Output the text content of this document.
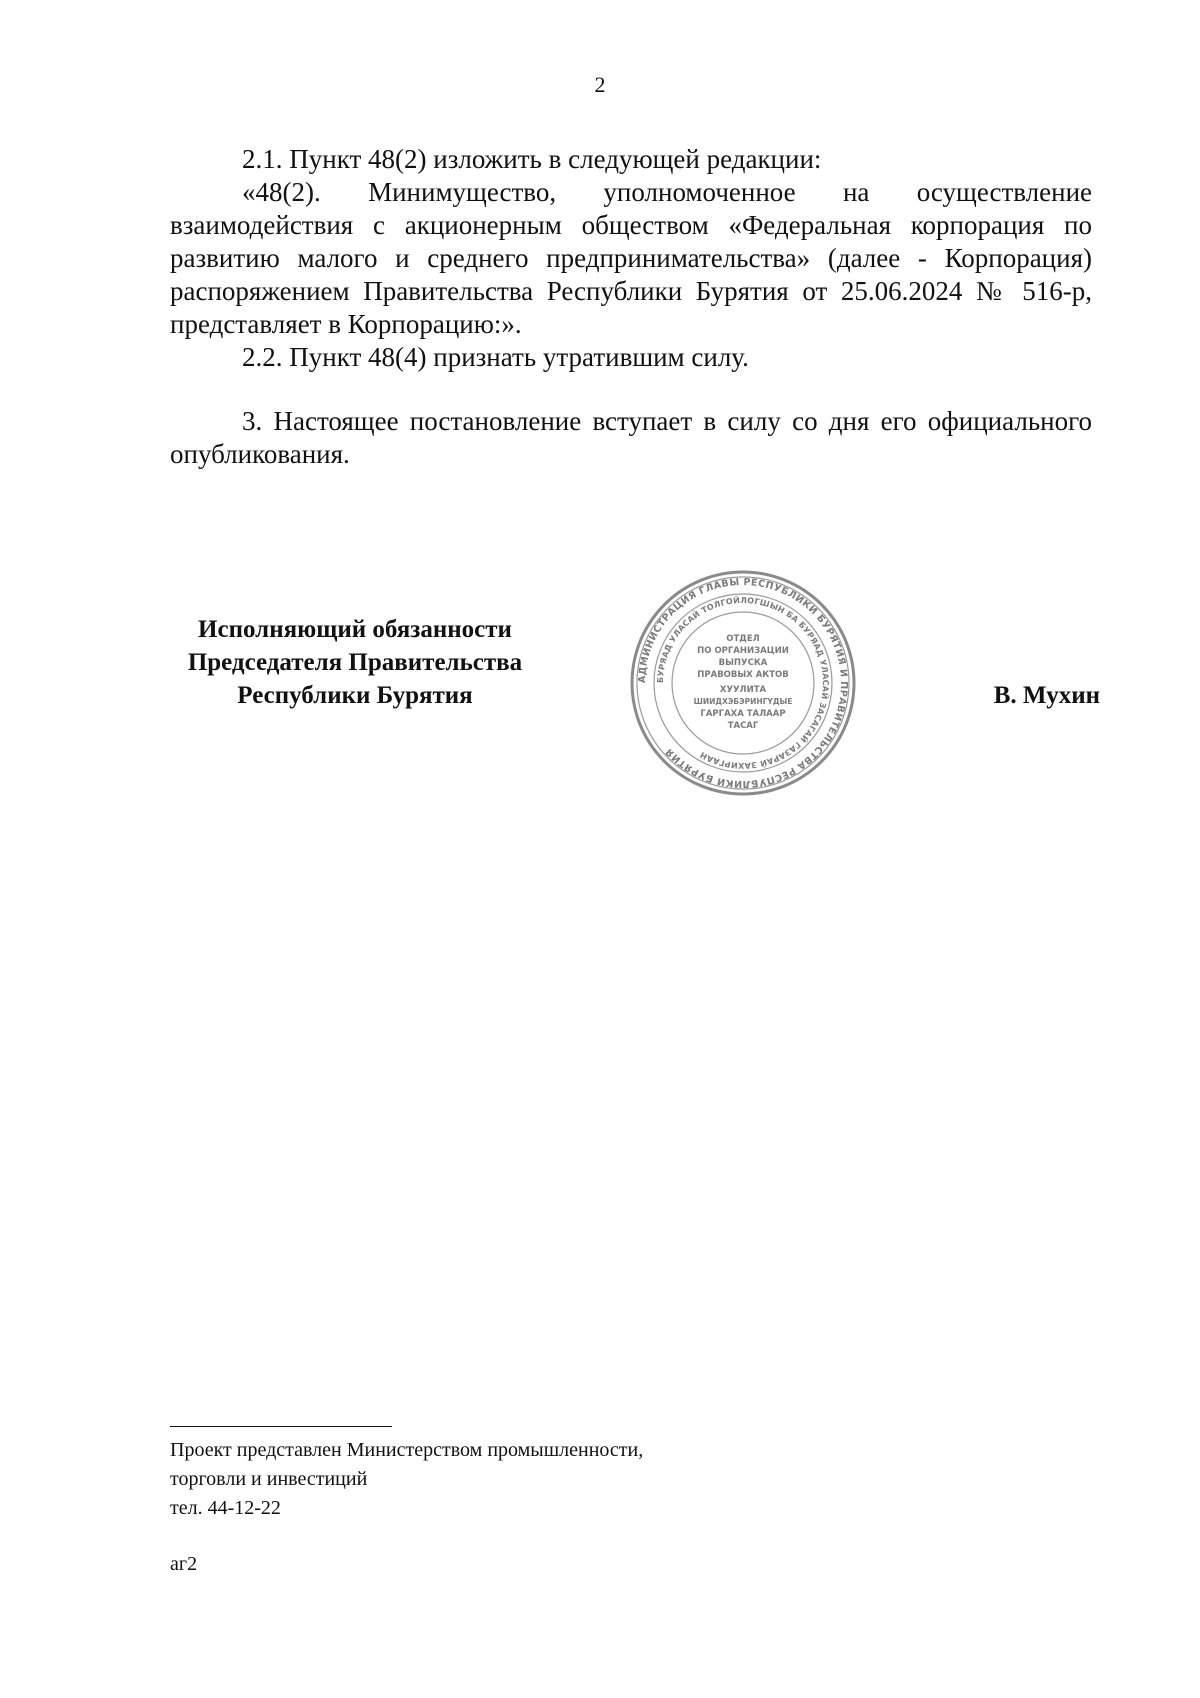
2

2.1. Пункт 48(2) изложить в следующей редакции:

«48(2). Минимущество, уполномоченное на осуществление взаимодействия с акционерным обществом «Федеральная корпорация по развитию малого и среднего предпринимательства» (далее - Корпорация) распоряжением Правительства Республики Бурятия от 25.06.2024 № 516-р, представляет в Корпорацию:».

2.2. Пункт 48(4) признать утратившим силу.

3. Настоящее постановление вступает в силу со дня его официального опубликования.

Исполняющий обязанности
Председателя Правительства
Республики Бурятия
АДМИНИСТРАЦИЯ ГЛАВЫ РЕСПУБЛИКИ БУРЯТИЯ И ПРАВИТЕЛЬСТВА РЕСПУБЛИКИ БУРЯТИЯ
БУРЯАД УЛАСАЙ ТОЛГОЙЛОГШЫН БА БУРЯАД УЛАСАЙ ЗАСАГАЙ ГАЗАРАЙ ЗАХИРГААН
ОТДЕЛ
ПО ОРГАНИЗАЦИИ
ВЫПУСКА
ПРАВОВЫХ АКТОВ
ХУУЛИТА
ШИИДХЭБЭРИНГҮДЫЕ
ГАРГАХА ТАЛААР
ТАСАГ
В. Мухин
Проект представлен Министерством промышленности,
торговли и инвестиций
тел. 44-12-22
аг2
